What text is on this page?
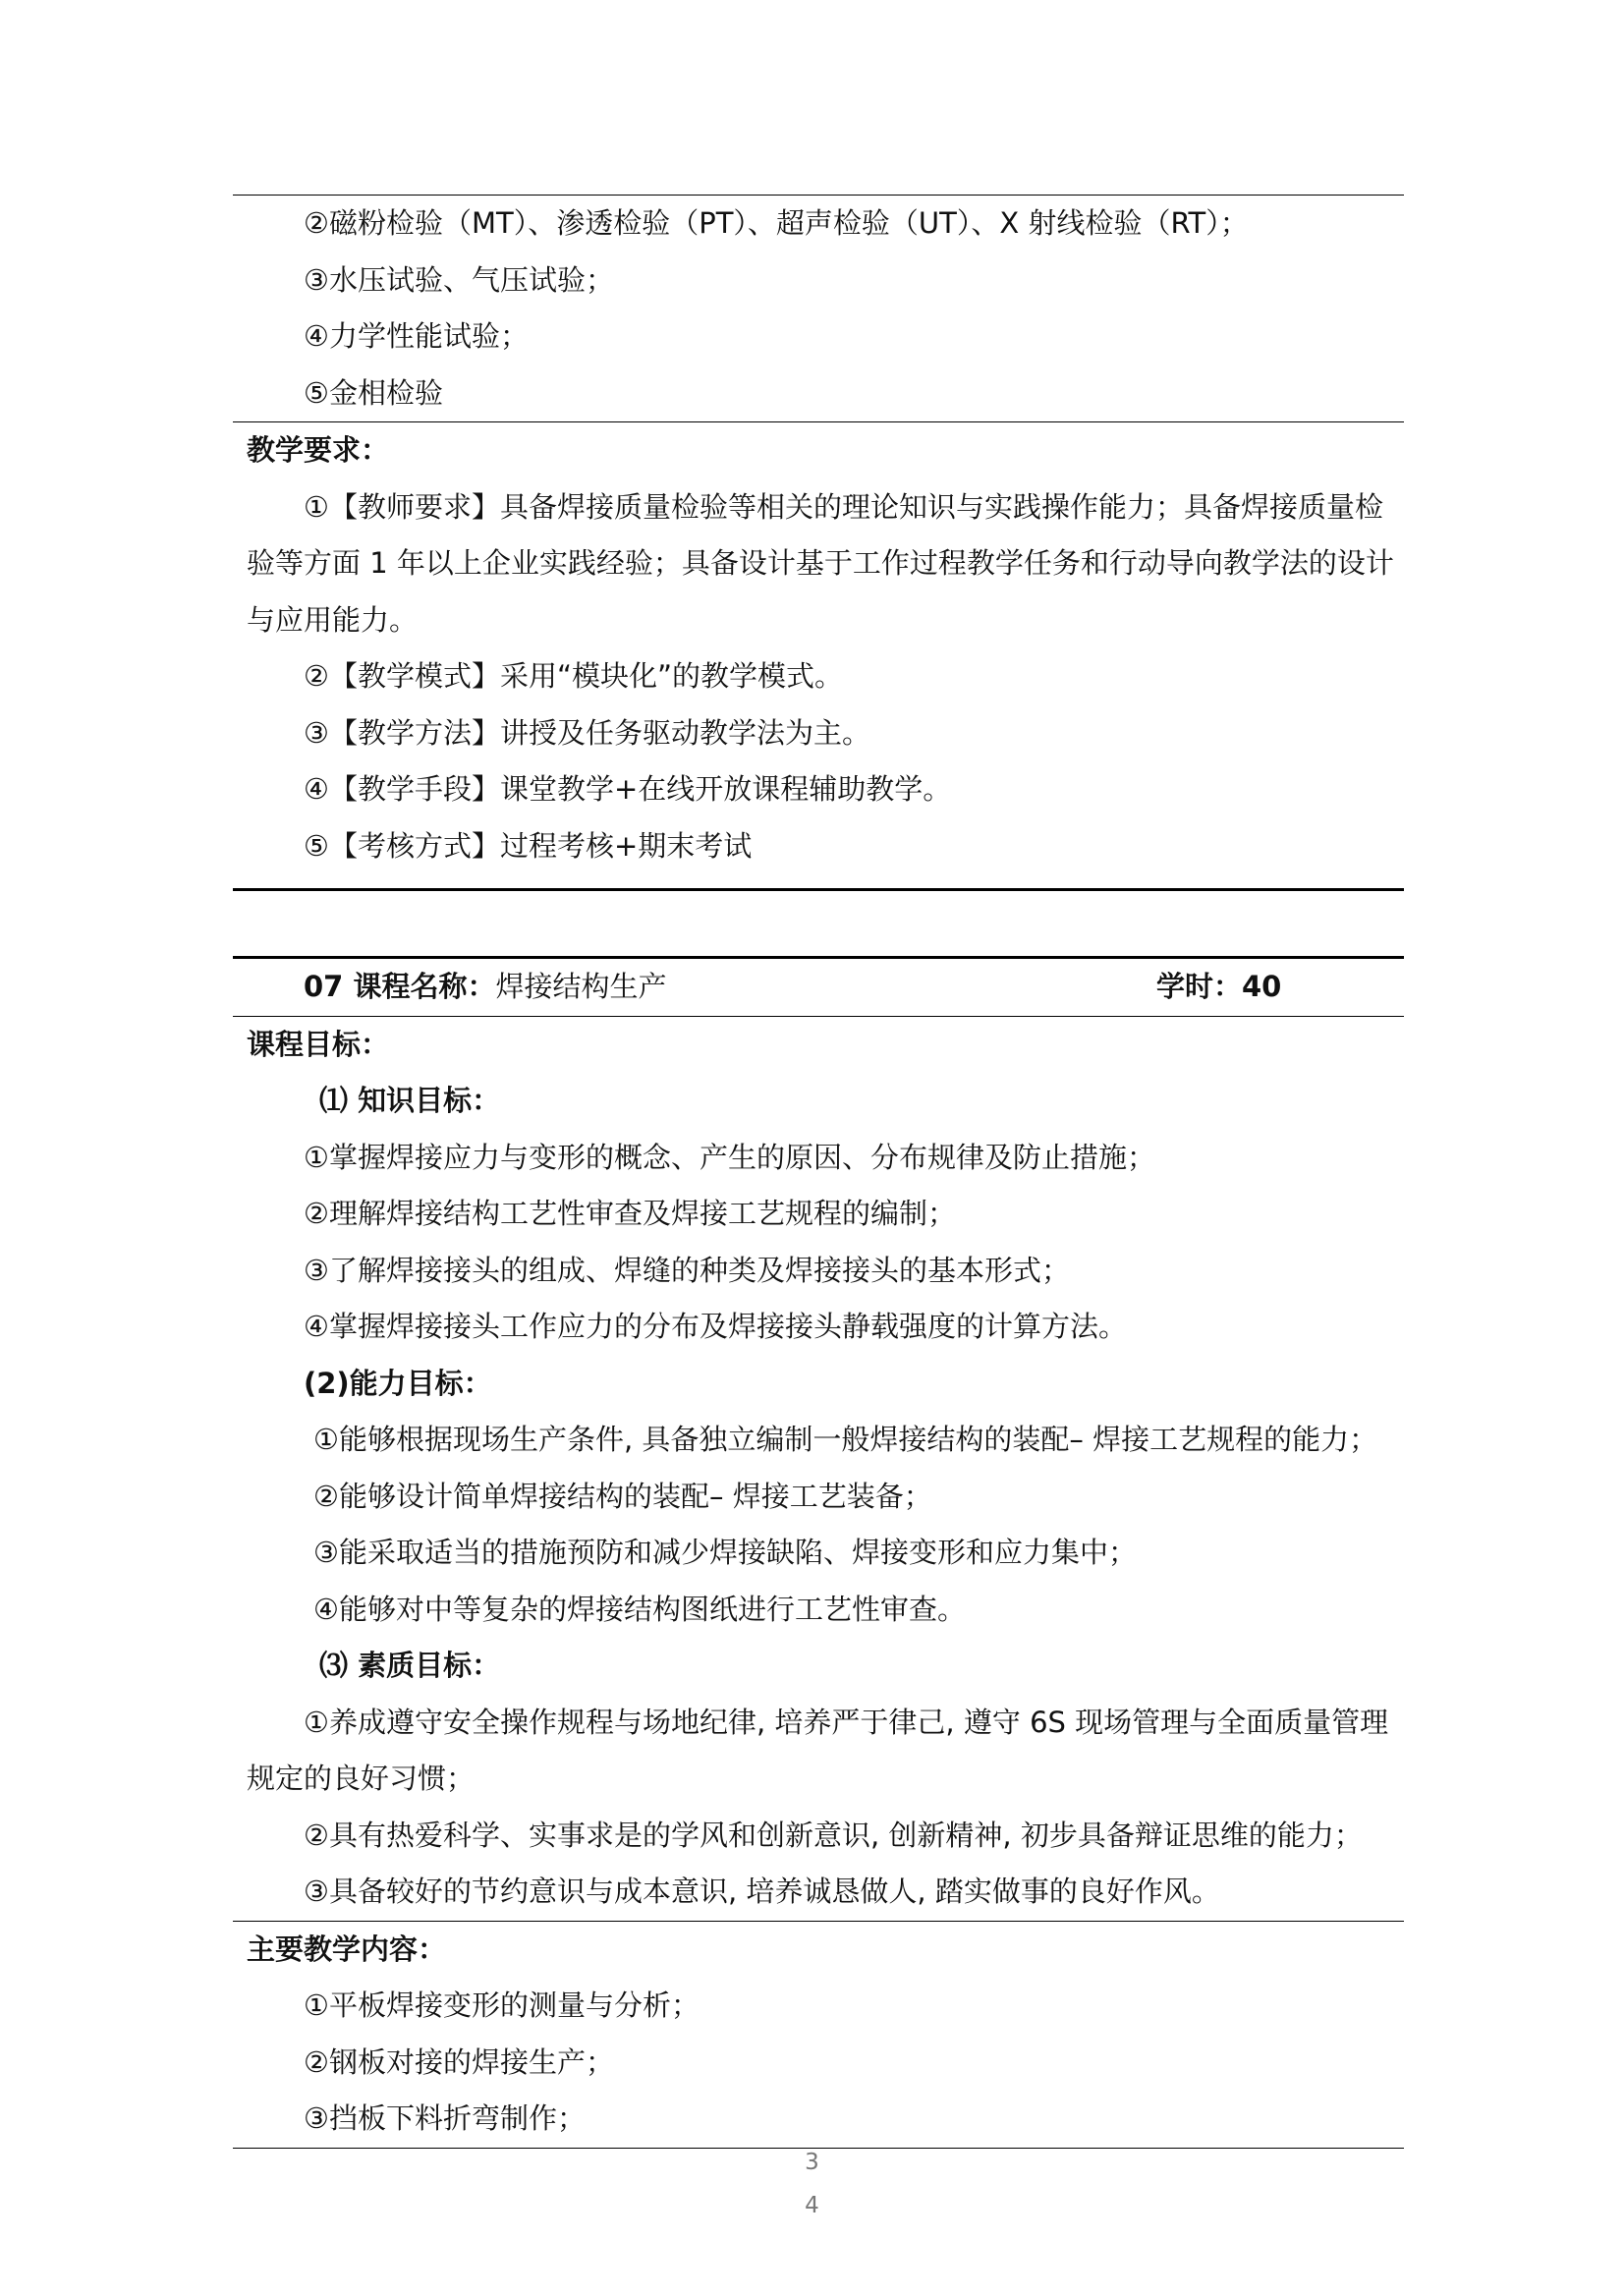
②磁粉检验（MT）、渗透检验（PT）、超声检验（UT）、X 射线检验（RT）；
③水压试验、气压试验；
④力学性能试验；
⑤金相检验
教学要求：
①【教师要求】具备焊接质量检验等相关的理论知识与实践操作能力；具备焊接质量检验等方面 1 年以上企业实践经验；具备设计基于工作过程教学任务和行动导向教学法的设计与应用能力。
②【教学模式】采用“模块化”的教学模式。
③【教学方法】讲授及任务驱动教学法为主。
④【教学手段】课堂教学+在线开放课程辅助教学。
⑤【考核方式】过程考核+期末考试
07 课程名称：焊接结构生产	学时：40
课程目标：
⑴ 知识目标：
①掌握焊接应力与变形的概念、产生的原因、分布规律及防止措施；
②理解焊接结构工艺性审查及焊接工艺规程的编制；
③了解焊接接头的组成、焊缝的种类及焊接接头的基本形式；
④掌握焊接接头工作应力的分布及焊接接头静载强度的计算方法。
(2)能力目标：
①能够根据现场生产条件, 具备独立编制一般焊接结构的装配– 焊接工艺规程的能力；
②能够设计简单焊接结构的装配– 焊接工艺装备；
③能采取适当的措施预防和减少焊接缺陷、焊接变形和应力集中；
④能够对中等复杂的焊接结构图纸进行工艺性审查。
⑶ 素质目标：
①养成遵守安全操作规程与场地纪律, 培养严于律己, 遵守 6S 现场管理与全面质量管理规定的良好习惯；
②具有热爱科学、实事求是的学风和创新意识, 创新精神, 初步具备辩证思维的能力；
③具备较好的节约意识与成本意识, 培养诚恳做人, 踏实做事的良好作风。
主要教学内容：
①平板焊接变形的测量与分析；
②钢板对接的焊接生产；
③挡板下料折弯制作；
3
4
